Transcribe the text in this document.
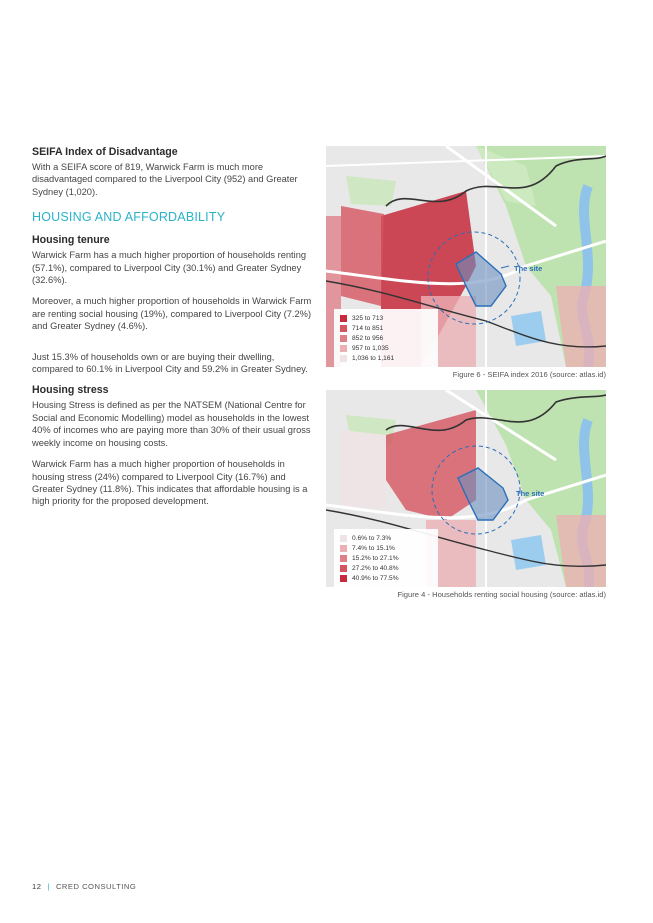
SEIFA Index of Disadvantage

With a SEIFA score of 819, Warwick Farm is much more disadvantaged compared to the Liverpool City (952) and Greater Sydney (1,020).

HOUSING AND AFFORDABILITY
Housing tenure

Warwick Farm has a much higher proportion of households renting (57.1%), compared to Liverpool City (30.1%) and Greater Sydney (32.6%).

Moreover, a much higher proportion of households in Warwick Farm are renting social housing (19%), compared to Liverpool City (7.2%) and Greater Sydney (4.6%).

Just 15.3% of households own or are buying their dwelling, compared to 60.1% in Liverpool City and 59.2% in Greater Sydney.

Housing stress

Housing Stress is defined as per the NATSEM (National Centre for Social and Economic Modelling) model as households in the lowest 40% of incomes who are paying more than 30% of their usual gross weekly income on housing costs.

Warwick Farm has a much higher proportion of households in housing stress (24%) compared to Liverpool City (16.7%) and Greater Sydney (11.8%). This indicates that affordable housing is a high priority for the proposed development.

The site
325 to 713
714 to 851
852 to 956
957 to 1,035
1,036 to 1,161
Figure 6 - SEIFA index 2016 (source: atlas.id)
The site
0.6% to 7.3%
7.4% to 15.1%
15.2% to 27.1%
27.2% to 40.8%
40.9% to 77.5%
Figure 4 - Households renting social housing (source: atlas.id)
12 | CRED CONSULTING
